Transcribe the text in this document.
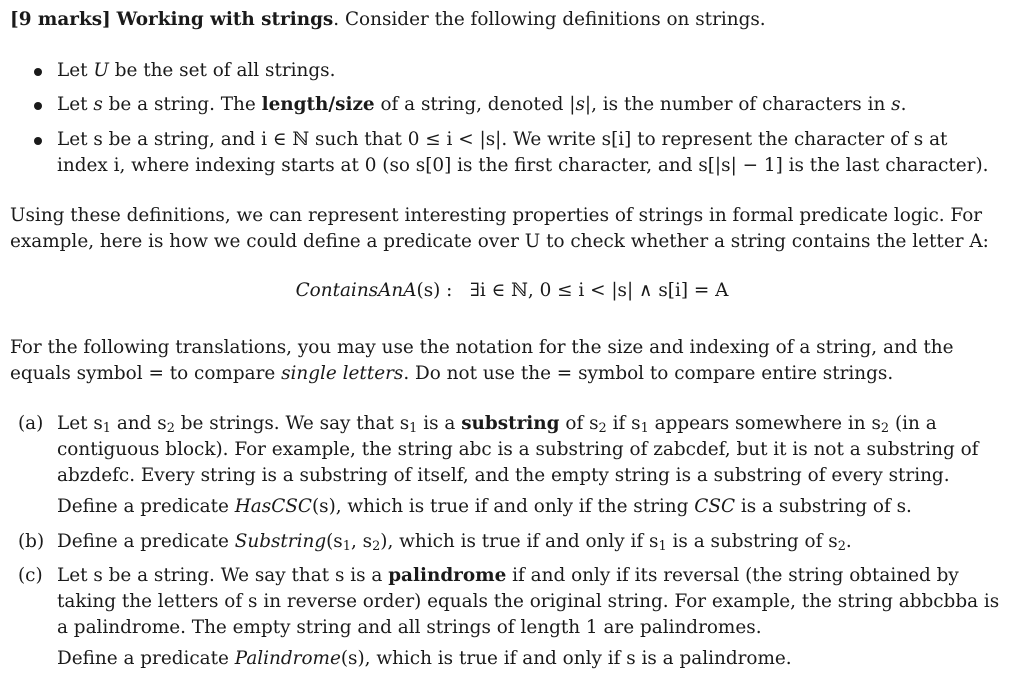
[9 marks] Working with strings. Consider the following definitions on strings.
Let U be the set of all strings.
Let s be a string. The length/size of a string, denoted |s|, is the number of characters in s.
Let s be a string, and i ∈ ℕ such that 0 ≤ i < |s|. We write s[i] to represent the character of s at
index i, where indexing starts at 0 (so s[0] is the first character, and s[|s| − 1] is the last character).
Using these definitions, we can represent interesting properties of strings in formal predicate logic. For
example, here is how we could define a predicate over U to check whether a string contains the letter A:
ContainsAnA(s) : ∃i ∈ ℕ, 0 ≤ i < |s| ∧ s[i] = A
For the following translations, you may use the notation for the size and indexing of a string, and the
equals symbol = to compare single letters. Do not use the = symbol to compare entire strings.
(a) Let $s_1$ and $s_2$ be strings. We say that $s_1$ is a substring of $s_2$ if $s_1$ appears somewhere in $s_2$ (in a
contiguous block). For example, the string abc is a substring of zabcdef, but it is not a substring of
abzdefc. Every string is a substring of itself, and the empty string is a substring of every string.
Define a predicate HasCSC(s), which is true if and only if the string CSC is a substring of s.
(b) Define a predicate $Substring(s_1$, $s_2$), which is true if and only if $s_1$ is a substring of $s_2$.
(c) Let s be a string. We say that s is a palindrome if and only if its reversal (the string obtained by
taking the letters of s in reverse order) equals the original string. For example, the string abbcbba is
a palindrome. The empty string and all strings of length 1 are palindromes.
Define a predicate Palindrome(s), which is true if and only if s is a palindrome.
